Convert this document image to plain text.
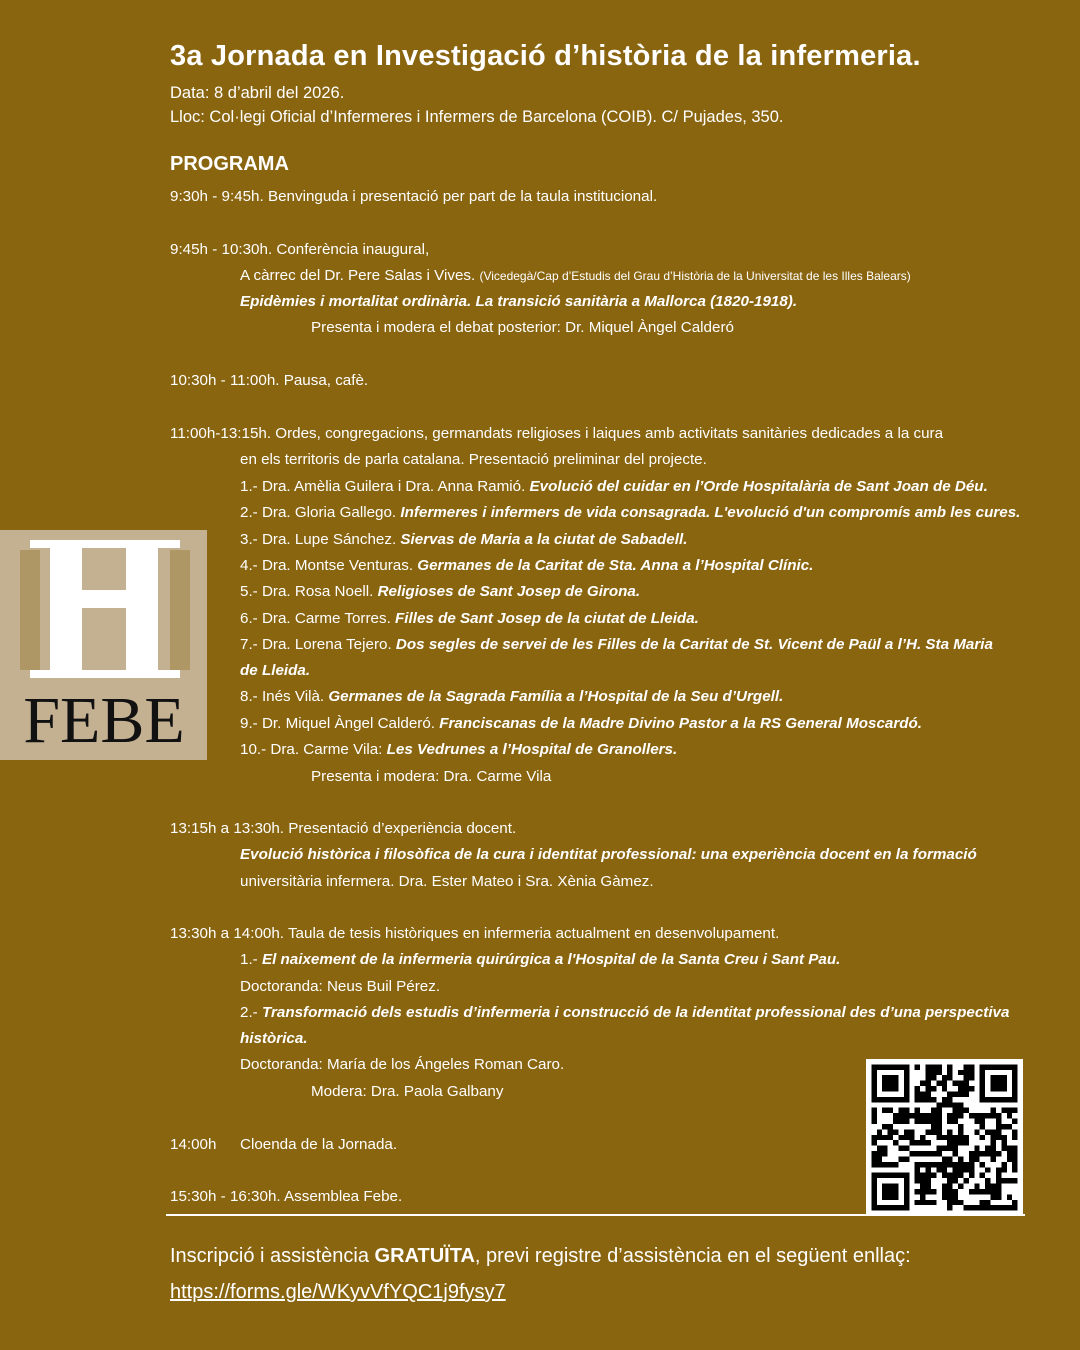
3a Jornada en Investigació d’història de la infermeria.
Data: 8 d’abril del 2026.
Lloc: Col·legi Oficial d’Infermeres i Infermers de Barcelona (COIB). C/ Pujades, 350.
PROGRAMA
9:30h - 9:45h. Benvinguda i presentació per part de la taula institucional.
9:45h - 10:30h. Conferència inaugural,
A càrrec del Dr. Pere Salas i Vives. (Vicedegà/Cap d’Estudis del Grau d’Història de la Universitat de les Illes Balears)
Epidèmies i mortalitat ordinària. La transició sanitària a Mallorca (1820-1918).
Presenta i modera el debat posterior: Dr. Miquel Àngel Calderó
10:30h - 11:00h. Pausa, cafè.
11:00h-13:15h. Ordes, congregacions, germandats religioses i laiques amb activitats sanitàries dedicades a la cura
en els territoris de parla catalana. Presentació preliminar del projecte.
1.- Dra. Amèlia Guilera i Dra. Anna Ramió. Evolució del cuidar en l’Orde Hospitalària de Sant Joan de Déu.
2.- Dra. Gloria Gallego. Infermeres i infermers de vida consagrada. L'evolució d'un compromís amb les cures.
3.- Dra. Lupe Sánchez. Siervas de Maria a la ciutat de Sabadell.
4.- Dra. Montse Venturas. Germanes de la Caritat de Sta. Anna a l’Hospital Clínic.
5.- Dra. Rosa Noell. Religioses de Sant Josep de Girona.
6.- Dra. Carme Torres. Filles de Sant Josep de la ciutat de Lleida.
7.- Dra. Lorena Tejero. Dos segles de servei de les Filles de la Caritat de St. Vicent de Paül a l’H. Sta Maria
de Lleida.
8.- Inés Vilà. Germanes de la Sagrada Família a l’Hospital de la Seu d’Urgell.
9.- Dr. Miquel Àngel Calderó. Franciscanas de la Madre Divino Pastor a la RS General Moscardó.
10.- Dra. Carme Vila: Les Vedrunes a l’Hospital de Granollers.
Presenta i modera: Dra. Carme Vila
13:15h a 13:30h. Presentació d’experiència docent.
Evolució històrica i filosòfica de la cura i identitat professional: una experiència docent en la formació
universitària infermera. Dra. Ester Mateo i Sra. Xènia Gàmez.
13:30h a 14:00h. Taula de tesis històriques en infermeria actualment en desenvolupament.
1.- El naixement de la infermeria quirúrgica a l'Hospital de la Santa Creu i Sant Pau.
Doctoranda: Neus Buil Pérez.
2.- Transformació dels estudis d’infermeria i construcció de la identitat professional des d’una perspectiva
històrica.
Doctoranda: María de los Ángeles Roman Caro.
Modera: Dra. Paola Galbany
14:00h Cloenda de la Jornada.
15:30h - 16:30h. Assemblea Febe.
Inscripció i assistència GRATUÏTA, previ registre d’assistència en el següent enllaç:
https://forms.gle/WKyvVfYQC1j9fysy7
FEBE
